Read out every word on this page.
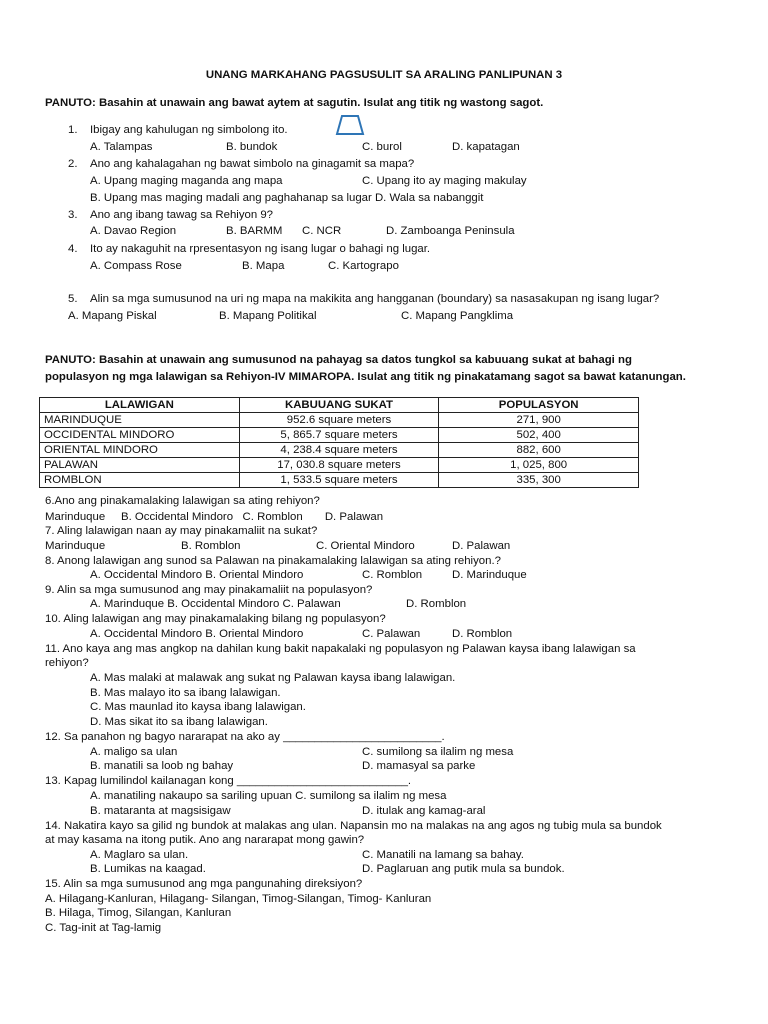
UNANG MARKAHANG PAGSUSULIT SA ARALING PANLIPUNAN 3
PANUTO: Basahin at unawain ang bawat aytem at sagutin. Isulat ang titik ng wastong sagot.
1. Ibigay ang kahulugan ng simbolong ito.
A. Talampas	B. bundok	C. burol	D. kapatagan
2. Ano ang kahalagahan ng bawat simbolo na ginagamit sa mapa?
A. Upang maging maganda ang mapa	C. Upang ito ay maging makulay
B. Upang mas maging madali ang paghahanap sa lugar D. Wala sa nabanggit
3. Ano ang ibang tawag sa Rehiyon 9?
A. Davao Region	B. BARMM C. NCR	D. Zamboanga Peninsula
4. Ito ay nakaguhit na rpresentasyon ng isang lugar o bahagi ng lugar.
A. Compass Rose	B. Mapa	C. Kartograpo
5. Alin sa mga sumusunod na uri ng mapa na makikita ang hangganan (boundary) sa nasasakupan ng isang lugar?
A. Mapang Piskal	B. Mapang Politikal	C. Mapang Pangklima
PANUTO: Basahin at unawain ang sumusunod na pahayag sa datos tungkol sa kabuuang sukat at bahagi ng
populasyon ng mga lalawigan sa Rehiyon-IV MIMAROPA. Isulat ang titik ng pinakatamang sagot sa bawat katanungan.
LALAWIGAN	KABUUANG SUKAT	POPULASYON
MARINDUQUE	952.6 square meters	271, 900
OCCIDENTAL MINDORO	5, 865.7 square meters	502, 400
ORIENTAL MINDORO	4, 238.4 square meters	882, 600
PALAWAN	17, 030.8 square meters	1, 025, 800
ROMBLON	1, 533.5 square meters	335, 300
6.Ano ang pinakamalaking lalawigan sa ating rehiyon?
Marinduque     B. Occidental Mindoro   C. Romblon       D. Palawan
7. Aling lalawigan naan ay may pinakamaliit na sukat?
Marinduque	B. Romblon	C. Oriental Mindoro	D. Palawan
8. Anong lalawigan ang sunod sa Palawan na pinakamalaking lalawigan sa ating rehiyon.?
A. Occidental Mindoro B. Oriental Mindoro	C. Romblon	D. Marinduque
9. Alin sa mga sumusunod ang may pinakamaliit na populasyon?
A. Marinduque B. Occidental Mindoro C. Palawan	D. Romblon
10. Aling lalawigan ang may pinakamalaking bilang ng populasyon?
A. Occidental Mindoro B. Oriental Mindoro	C. Palawan	D. Romblon
11. Ano kaya ang mas angkop na dahilan kung bakit napakalaki ng populasyon ng Palawan kaysa ibang lalawigan sa
rehiyon?
A. Mas malaki at malawak ang sukat ng Palawan kaysa ibang lalawigan.
B. Mas malayo ito sa ibang lalawigan.
C. Mas maunlad ito kaysa ibang lalawigan.
D. Mas sikat ito sa ibang lalawigan.
12. Sa panahon ng bagyo nararapat na ako ay _________________________.
A. maligo sa ulan	C. sumilong sa ilalim ng mesa
B. manatili sa loob ng bahay	D. mamasyal sa parke
13. Kapag lumilindol kailanagan kong ___________________________.
A. manatiling nakaupo sa sariling upuan C. sumilong sa ilalim ng mesa
B. mataranta at magsisigaw	D. itulak ang kamag-aral
14. Nakatira kayo sa gilid ng bundok at malakas ang ulan. Napansin mo na malakas na ang agos ng tubig mula sa bundok
at may kasama na itong putik. Ano ang nararapat mong gawin?
A. Maglaro sa ulan.	C. Manatili na lamang sa bahay.
B. Lumikas na kaagad.	D. Paglaruan ang putik mula sa bundok.
15. Alin sa mga sumusunod ang mga pangunahing direksiyon?
A. Hilagang-Kanluran, Hilagang- Silangan, Timog-Silangan, Timog- Kanluran
B. Hilaga, Timog, Silangan, Kanluran
C. Tag-init at Tag-lamig
